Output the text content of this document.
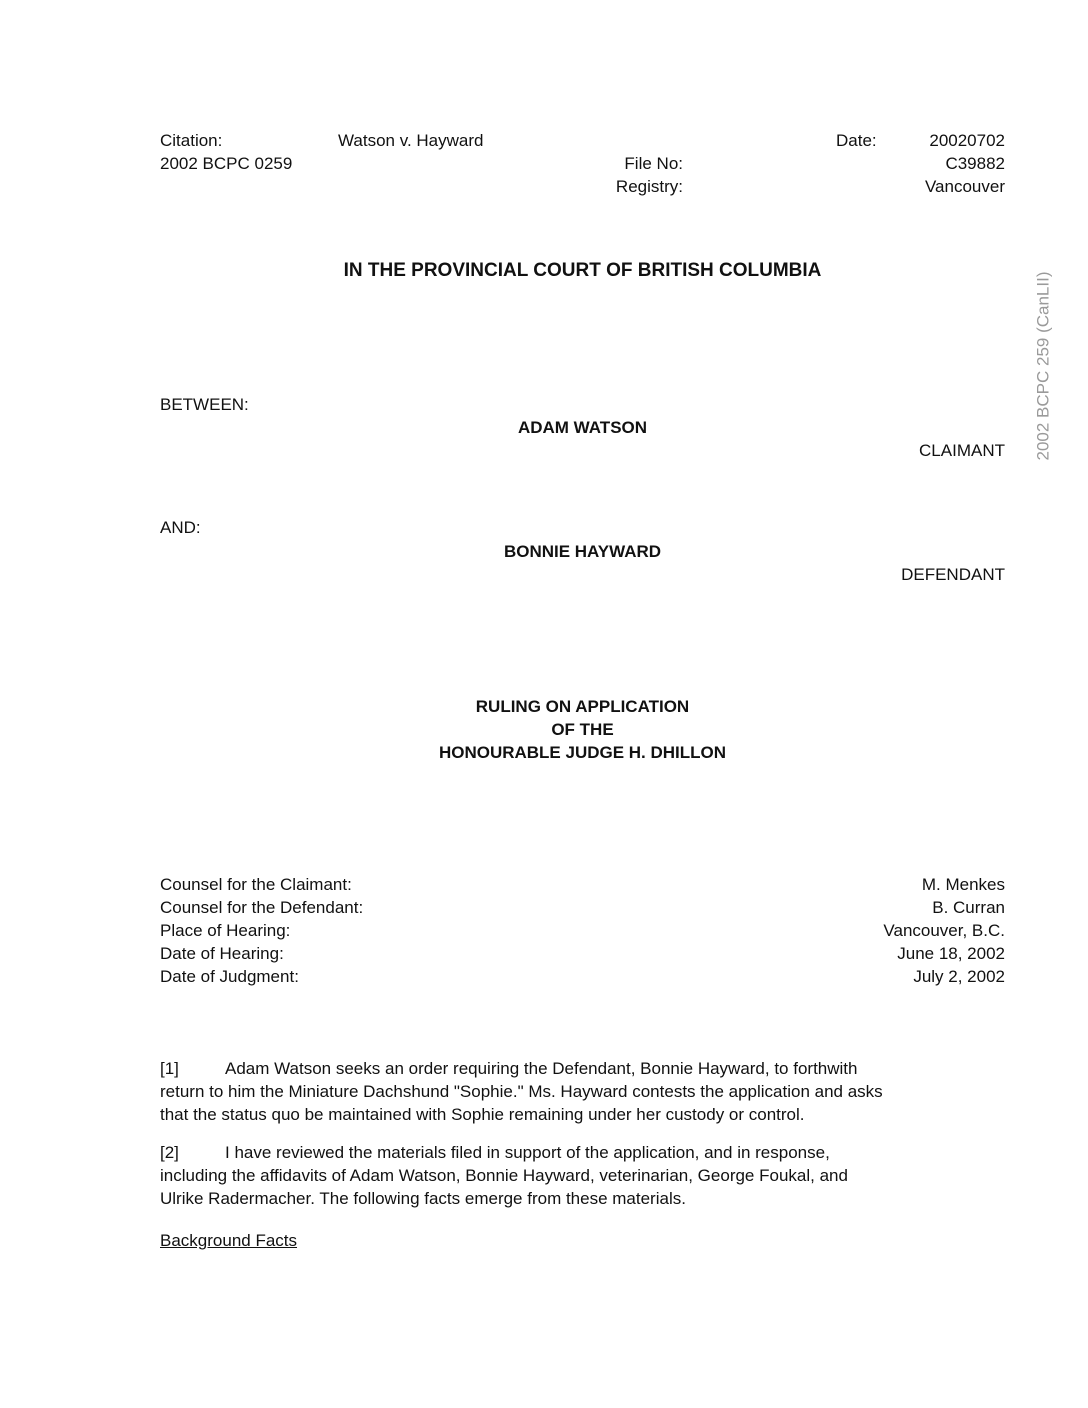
Citation:	Watson v. Hayward	Date:	20020702
2002 BCPC 0259	File No:	C39882
Registry:	Vancouver
2002 BCPC 259 (CanLII)
IN THE PROVINCIAL COURT OF BRITISH COLUMBIA
BETWEEN:
ADAM WATSON
CLAIMANT
AND:
BONNIE HAYWARD
DEFENDANT
RULING ON APPLICATION
OF THE
HONOURABLE JUDGE H. DHILLON
Counsel for the Claimant:	M. Menkes
Counsel for the Defendant:	B. Curran
Place of Hearing:	Vancouver, B.C.
Date of Hearing:	June 18, 2002
Date of Judgment:	July 2, 2002
[1]	Adam Watson seeks an order requiring the Defendant, Bonnie Hayward, to forthwith
return to him the Miniature Dachshund "Sophie." Ms. Hayward contests the application and asks
that the status quo be maintained with Sophie remaining under her custody or control.
[2]	I have reviewed the materials filed in support of the application, and in response,
including the affidavits of Adam Watson, Bonnie Hayward, veterinarian, George Foukal, and
Ulrike Radermacher. The following facts emerge from these materials.
Background Facts
